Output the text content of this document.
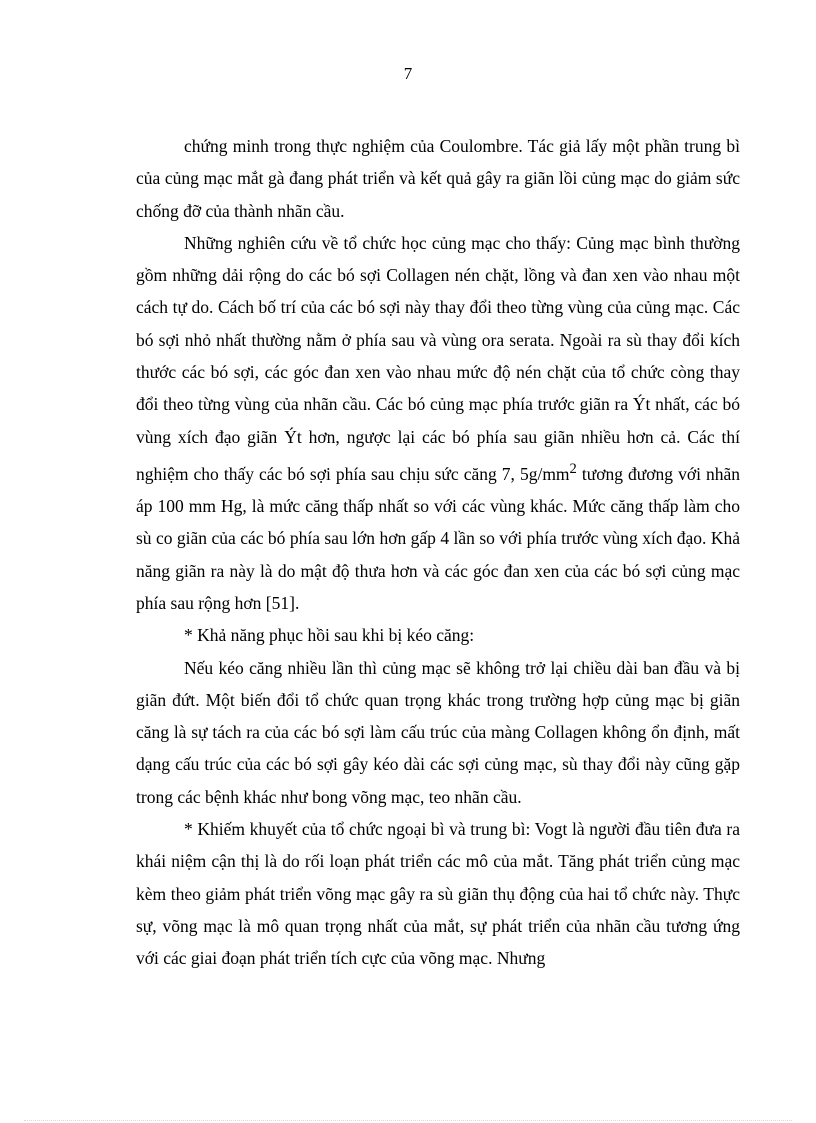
7

chứng minh trong thực nghiệm của Coulombre. Tác giả lấy một phần trung bì của củng mạc mắt gà đang phát triển và kết quả gây ra giãn lồi củng mạc do giảm sức chống đỡ của thành nhãn cầu.

Những nghiên cứu về tổ chức học củng mạc cho thấy: Củng mạc bình thường gồm những dải rộng do các bó sợi Collagen nén chặt, lồng và đan xen vào nhau một cách tự do. Cách bố trí của các bó sợi này thay đổi theo từng vùng của củng mạc. Các bó sợi nhỏ nhất thường nằm ở phía sau và vùng ora serata. Ngoài ra sù thay đổi kích thước các bó sợi, các góc đan xen vào nhau mức độ nén chặt của tổ chức còng thay đổi theo từng vùng của nhãn cầu. Các bó củng mạc phía trước giãn ra Ýt nhất, các bó vùng xích đạo giãn Ýt hơn, ngược lại các bó phía sau giãn nhiều hơn cả. Các thí nghiệm cho thấy các bó sợi phía sau chịu sức căng 7, $5g/mm^2$ tương đương với nhãn áp 100 mm Hg, là mức căng thấp nhất so với các vùng khác. Mức căng thấp làm cho sù co giãn của các bó phía sau lớn hơn gấp 4 lần so với phía trước vùng xích đạo. Khả năng giãn ra này là do mật độ thưa hơn và các góc đan xen của các bó sợi củng mạc phía sau rộng hơn [51].

* Khả năng phục hồi sau khi bị kéo căng:

Nếu kéo căng nhiều lần thì củng mạc sẽ không trở lại chiều dài ban đầu và bị giãn đứt. Một biến đổi tổ chức quan trọng khác trong trường hợp củng mạc bị giãn căng là sự tách ra của các bó sợi làm cấu trúc của màng Collagen không ổn định, mất dạng cấu trúc của các bó sợi gây kéo dài các sợi củng mạc, sù thay đổi này cũng gặp trong các bệnh khác như bong võng mạc, teo nhãn cầu.

* Khiếm khuyết của tổ chức ngoại bì và trung bì: Vogt là người đầu tiên đưa ra khái niệm cận thị là do rối loạn phát triển các mô của mắt. Tăng phát triển củng mạc kèm theo giảm phát triển võng mạc gây ra sù giãn thụ động của hai tổ chức này. Thực sự, võng mạc là mô quan trọng nhất của mắt, sự phát triển của nhãn cầu tương ứng với các giai đoạn phát triển tích cực của võng mạc. Nhưng
